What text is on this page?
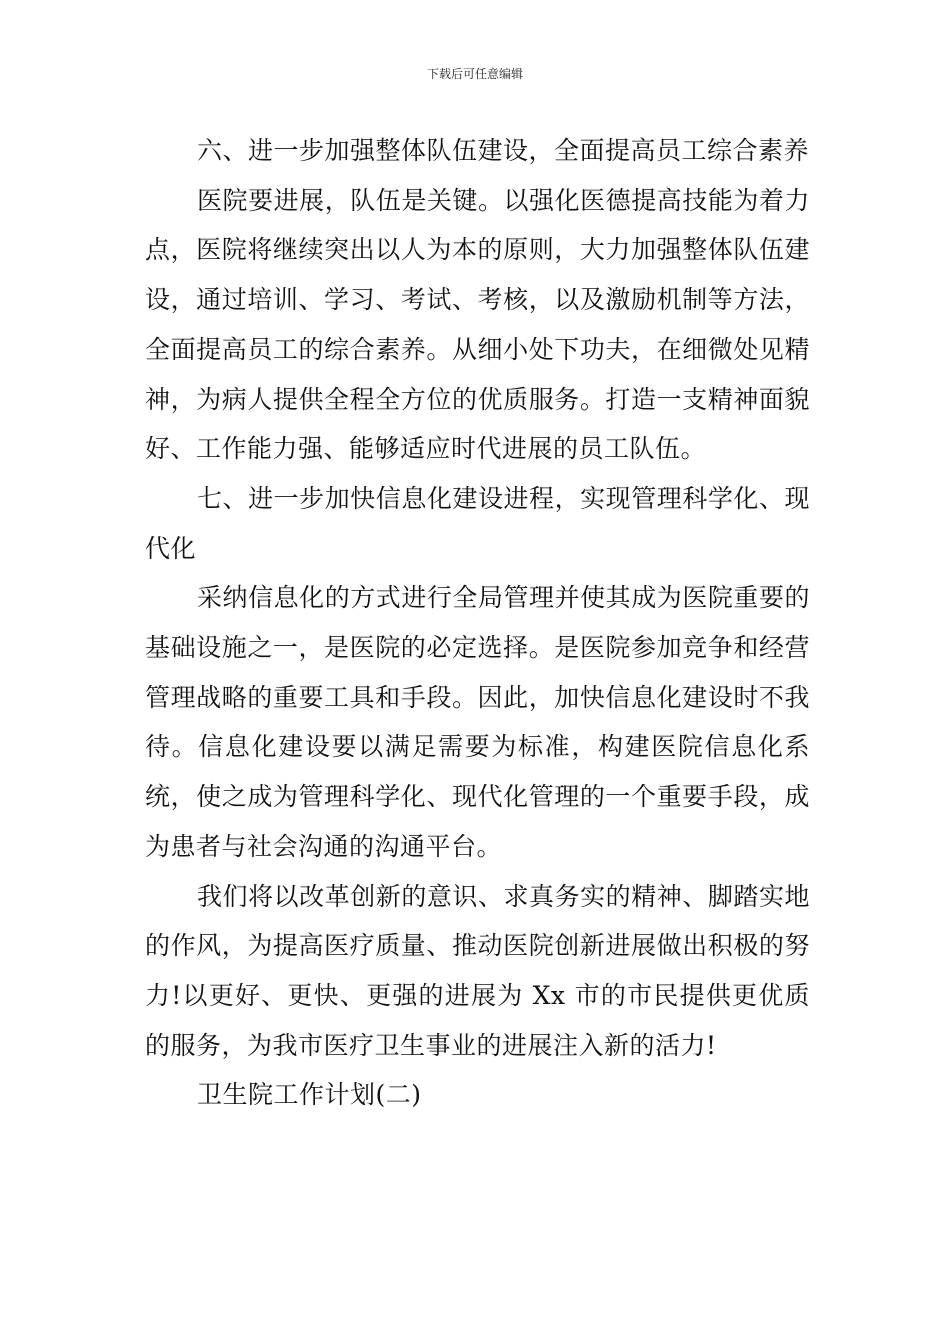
下载后可任意编辑

六、进一步加强整体队伍建设，全面提高员工综合素养

医院要进展，队伍是关键。以强化医德提高技能为着力点，医院将继续突出以人为本的原则，大力加强整体队伍建设，通过培训、学习、考试、考核，以及激励机制等方法，全面提高员工的综合素养。从细小处下功夫，在细微处见精神，为病人提供全程全方位的优质服务。打造一支精神面貌好、工作能力强、能够适应时代进展的员工队伍。

七、进一步加快信息化建设进程，实现管理科学化、现代化

采纳信息化的方式进行全局管理并使其成为医院重要的基础设施之一，是医院的必定选择。是医院参加竞争和经营管理战略的重要工具和手段。因此，加快信息化建设时不我待。信息化建设要以满足需要为标准，构建医院信息化系统，使之成为管理科学化、现代化管理的一个重要手段，成为患者与社会沟通的沟通平台。

我们将以改革创新的意识、求真务实的精神、脚踏实地的作风，为提高医疗质量、推动医院创新进展做出积极的努力!以更好、更快、更强的进展为 Xx 市的市民提供更优质的服务，为我市医疗卫生事业的进展注入新的活力!

卫生院工作计划(二)
